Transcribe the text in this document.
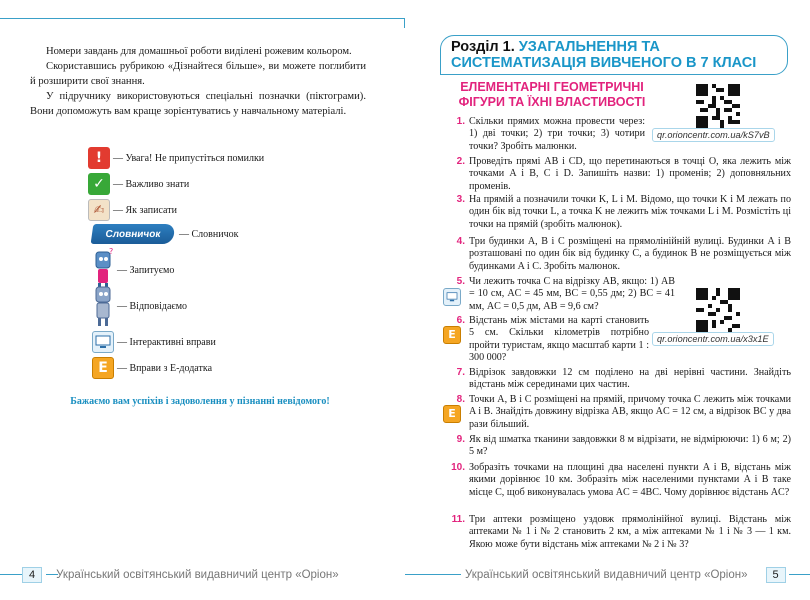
Номери завдань для домашньої роботи виділені рожевим кольором.

Скориставшись рубрикою «Дізнайтеся більше», ви можете поглибити й розширити свої знання.

У підручнику використовуються спеціальні позначки (піктограми). Вони допоможуть вам краще зорієнтуватись у навчальному матеріалі.

!	— Увага! Не припустіться помилки
✓ — Важливо знати
✍ — Як записати
Словничок — Словничок
?
— Запитуємо
— Відповідаємо
— Інтерактивні вправи
E — Вправи з Е-додатка
Бажаємо вам успіхів і задоволення у пізнанні невідомого!
4	Український освітянський видавничий центр «Оріон»
Розділ 1. УЗАГАЛЬНЕННЯ ТА СИСТЕМАТИЗАЦІЯ ВИВЧЕНОГО В 7 КЛАСІ
ЕЛЕМЕНТАРНІ ГЕОМЕТРИЧНІ ФІГУРИ ТА ЇХНІ ВЛАСТИВОСТІ
qr.orioncentr.com.ua/kS7vB
qr.orioncentr.com.ua/x3x1E
1. Скільки прямих можна провести через: 1) дві точки; 2) три точки; 3) чотири точки? Зробіть малюнки.
2. Проведіть прямі AB і CD, що перетинаються в точці O, яка лежить між точками A і B, C і D. Запишіть назви: 1) променів; 2) доповняльних променів.
3. На прямій a позначили точки K, L і M. Відомо, що точки K і M лежать по один бік від точки L, а точка K не лежить між точками L і M. Розмістіть ці точки на прямій (зробіть малюнок).
4. Три будинки A, B і C розміщені на прямолінійній вулиці. Будинки A і B розташовані по один бік від будинку C, а будинок B не розміщується між будинками A і C. Зробіть малюнок.
5. Чи лежить точка C на відрізку AB, якщо: 1) AB = 10 см, AC = 45 мм, BC = 0,55 дм; 2) BC = 41 мм, AC = 0,5 дм, AB = 9,6 см?
E
6. Відстань між містами на карті становить 5 см. Скільки кілометрів потрібно пройти туристам, якщо масштаб карти 1 : 300 000?
7. Відрізок завдовжки 12 см поділено на дві нерівні частини. Знайдіть відстань між серединами цих частин.
E
8. Точки A, B і C розміщені на прямій, причому точка C лежить між точками A і B. Знайдіть довжину відрізка AB, якщо AC = 12 см, а відрізок BC у два рази більший.
9. Як від шматка тканини завдовжки 8 м відрізати, не відмірюючи: 1) 6 м; 2) 5 м?
10. Зобразіть точками на площині два населені пункти A і B, відстань між якими дорівнює 10 км. Зобразіть між населеними пунктами A і B таке місце C, щоб виконувалась умова AC = 4BC. Чому дорівнює відстань AC?
11. Три аптеки розміщено уздовж прямолінійної вулиці. Відстань між аптеками № 1 і № 2 становить 2 км, а між аптеками № 1 і № 3 — 1 км. Якою може бути відстань між аптеками № 2 і № 3?
Український освітянський видавничий центр «Оріон»	5
